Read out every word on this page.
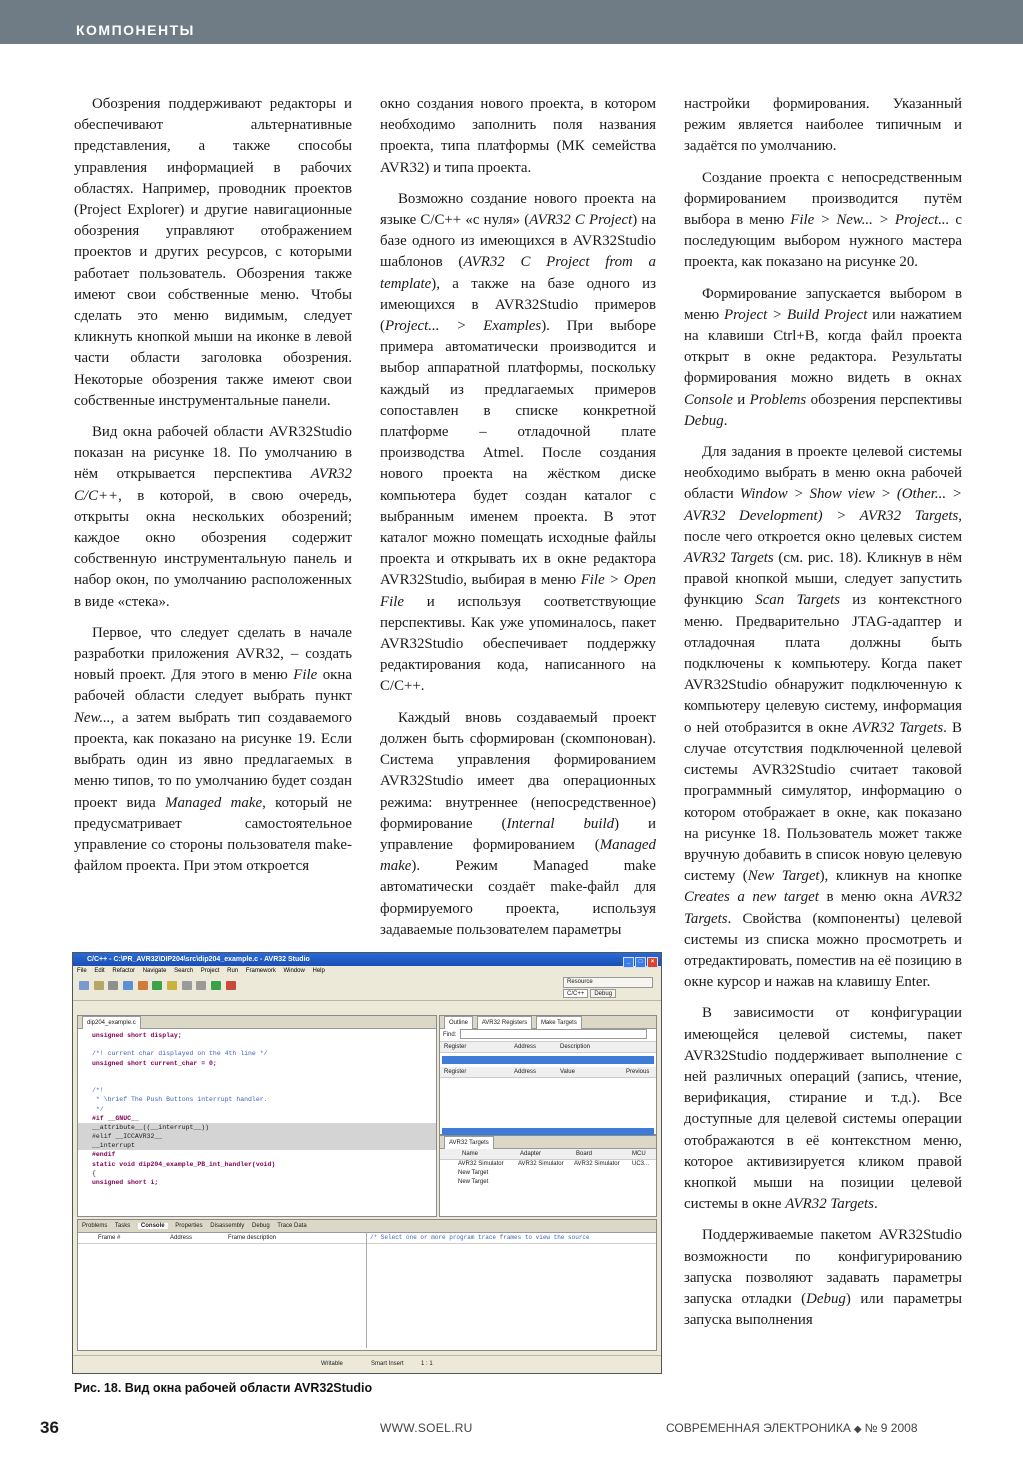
КОМПОНЕНТЫ

Обозрения поддерживают редакторы и обеспечивают альтернативные представления, а также способы управления информацией в рабочих областях. Например, проводник проектов (Project Explorer) и другие навигационные обозрения управляют отображением проектов и других ресурсов, с которыми работает пользователь. Обозрения также имеют свои собственные меню. Чтобы сделать это меню видимым, следует кликнуть кнопкой мыши на иконке в левой части области заголовка обозрения. Некоторые обозрения также имеют свои собственные инструментальные панели.

Вид окна рабочей области AVR32Studio показан на рисунке 18. По умолчанию в нём открывается перспектива AVR32 C/C++, в которой, в свою очередь, открыты окна нескольких обозрений; каждое окно обозрения содержит собственную инструментальную панель и набор окон, по умолчанию расположенных в виде «стека».

Первое, что следует сделать в начале разработки приложения AVR32, – создать новый проект. Для этого в меню File окна рабочей области следует выбрать пункт New..., а затем выбрать тип создаваемого проекта, как показано на рисунке 19. Если выбрать один из явно предлагаемых в меню типов, то по умолчанию будет создан проект вида Managed make, который не предусматривает самостоятельное управление со стороны пользователя make-файлом проекта. При этом откроется

окно создания нового проекта, в котором необходимо заполнить поля названия проекта, типа платформы (МК семейства AVR32) и типа проекта.

Возможно создание нового проекта на языке C/C++ «с нуля» (AVR32 C Project) на базе одного из имеющихся в AVR32Studio шаблонов (AVR32 C Project from a template), а также на базе одного из имеющихся в AVR32Studio примеров (Project... > Examples). При выборе примера автоматически производится и выбор аппаратной платформы, поскольку каждый из предлагаемых примеров сопоставлен в списке конкретной платформе – отладочной плате производства Atmel. После создания нового проекта на жёстком диске компьютера будет создан каталог с выбранным именем проекта. В этот каталог можно помещать исходные файлы проекта и открывать их в окне редактора AVR32Studio, выбирая в меню File > Open File и используя соответствующие перспективы. Как уже упоминалось, пакет AVR32Studio обеспечивает поддержку редактирования кода, написанного на C/C++.

Каждый вновь создаваемый проект должен быть сформирован (скомпонован). Система управления формированием AVR32Studio имеет два операционных режима: внутреннее (непосредственное) формирование (Internal build) и управление формированием (Managed make). Режим Managed make автоматически создаёт make-файл для формируемого проекта, используя задаваемые пользователем параметры

настройки формирования. Указанный режим является наиболее типичным и задаётся по умолчанию.

Создание проекта с непосредственным формированием производится путём выбора в меню File > New... > Project... с последующим выбором нужного мастера проекта, как показано на рисунке 20.

Формирование запускается выбором в меню Project > Build Project или нажатием на клавиши Ctrl+B, когда файл проекта открыт в окне редактора. Результаты формирования можно видеть в окнах Console и Problems обозрения перспективы Debug.

Для задания в проекте целевой системы необходимо выбрать в меню окна рабочей области Window > Show view > (Other... > AVR32 Development) > AVR32 Targets, после чего откроется окно целевых систем AVR32 Targets (см. рис. 18). Кликнув в нём правой кнопкой мыши, следует запустить функцию Scan Targets из контекстного меню. Предварительно JTAG-адаптер и отладочная плата должны быть подключены к компьютеру. Когда пакет AVR32Studio обнаружит подключенную к компьютеру целевую систему, информация о ней отобразится в окне AVR32 Targets. В случае отсутствия подключенной целевой системы AVR32Studio считает таковой программный симулятор, информацию о котором отображает в окне, как показано на рисунке 18. Пользователь может также вручную добавить в список новую целевую систему (New Target), кликнув на кнопке Creates a new target в меню окна AVR32 Targets. Свойства (компоненты) целевой системы из списка можно просмотреть и отредактировать, поместив на её позицию в окне курсор и нажав на клавишу Enter.

В зависимости от конфигурации имеющейся целевой системы, пакет AVR32Studio поддерживает выполнение с ней различных операций (запись, чтение, верификация, стирание и т.д.). Все доступные для целевой системы операции отображаются в её контекстном меню, которое активизируется кликом правой кнопкой мыши на позиции целевой системы в окне AVR32 Targets.

Поддерживаемые пакетом AVR32Studio возможности по конфигурированию запуска позволяют задавать параметры запуска отладки (Debug) или параметры запуска выполнения

C/C++ - C:\PR_AVR32\DIP204\src\dip204_example.c - AVR32 Studio	_ □ ×
File Edit Refactor Navigate Search Project Run Framework Window Help

Resource
C/C++	Debug
dip204_example.c
unsigned short display;
/*! current char displayed on the 4th line */
unsigned short current_char = 0;
/*!
* \brief The Push Buttons interrupt handler.
*/
#if __GNUC__
__attribute__((__interrupt__))
#elif __ICCAVR32__
__interrupt
#endif
static void dip204_example_PB_int_handler(void)
{
unsigned short i;
Outline AVR32 Registers Make Targets
Find:
Register	Address	Description
Register	Address	Value	Previous
AVR32 Targets
Name	Adapter	Board	MCU
AVR32 Simulator AVR32 Simulator AVR32 Simulator UC3...
New Target
New Target
Problems Tasks Console Properties Disassembly Debug Trace Data
Frame #	Address	Frame description	/* Select one or more program trace frames to view the source
Writable	Smart Insert	1 : 1
Рис. 18. Вид окна рабочей области AVR32Studio
36	WWW.SOEL.RU	СОВРЕМЕННАЯ ЭЛЕКТРОНИКА ◆ № 9 2008
